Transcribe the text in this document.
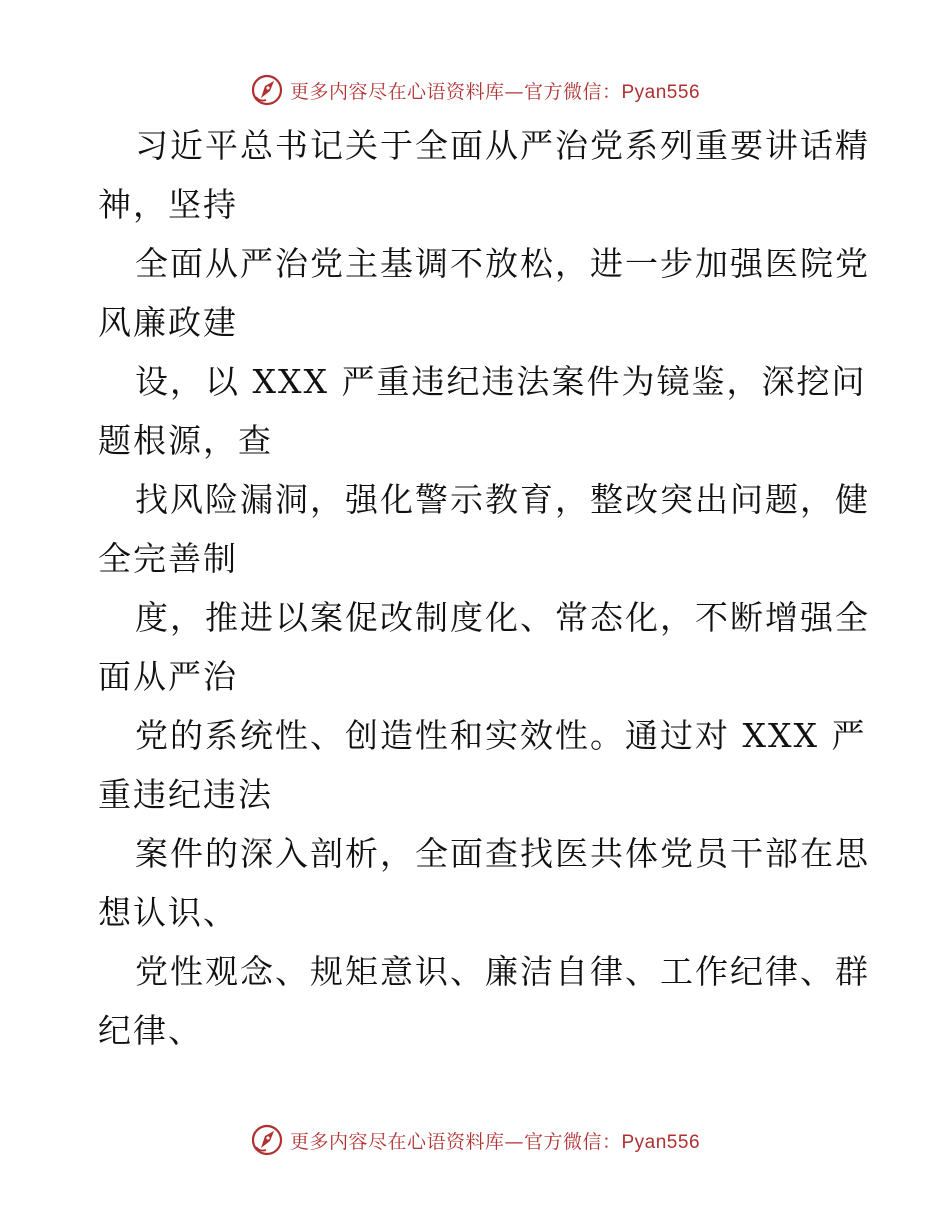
更多内容尽在心语资料库—官方微信：Pyan556
习近平总书记关于全面从严治党系列重要讲话精
神，坚持
全面从严治党主基调不放松，进一步加强医院党
风廉政建
设，以 XXX 严重违纪违法案件为镜鉴，深挖问
题根源，查
找风险漏洞，强化警示教育，整改突出问题，健
全完善制
度，推进以案促改制度化、常态化，不断增强全
面从严治
党的系统性、创造性和实效性。通过对 XXX 严
重违纪违法
案件的深入剖析，全面查找医共体党员干部在思
想认识、
党性观念、规矩意识、廉洁自律、工作纪律、群
纪律、
更多内容尽在心语资料库—官方微信：Pyan556
